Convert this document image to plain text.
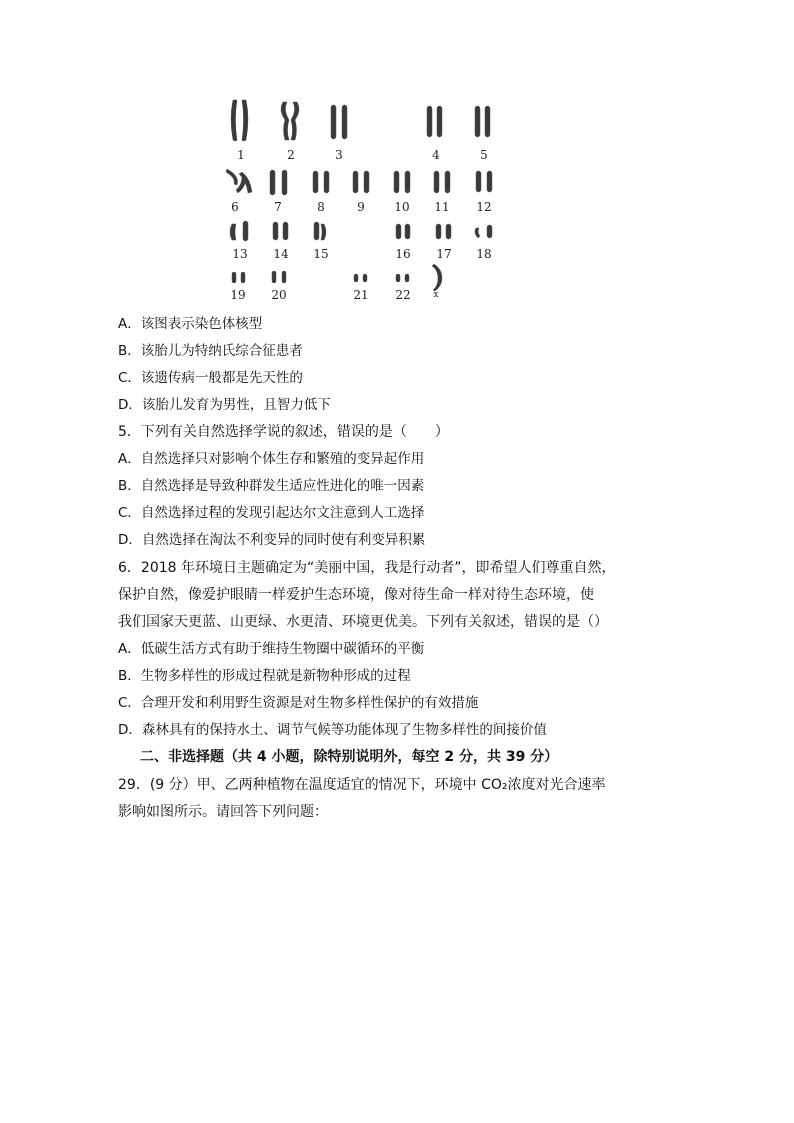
1	2	3	4	5
6	7	8	9	10	11	12
13	14	15	16	17	18
19	20	21	22	x
A．该图表示染色体核型
B．该胎儿为特纳氏综合征患者
C．该遗传病一般都是先天性的
D．该胎儿发育为男性，且智力低下
5．下列有关自然选择学说的叙述，错误的是（　　）
A．自然选择只对影响个体生存和繁殖的变异起作用
B．自然选择是导致种群发生适应性进化的唯一因素
C．自然选择过程的发现引起达尔文注意到人工选择
D．自然选择在淘汰不利变异的同时使有利变异积累
6．2018 年环境日主题确定为“美丽中国，我是行动者”，即希望人们尊重自然，
保护自然，像爱护眼睛一样爱护生态环境，像对待生命一样对待生态环境，使
我们国家天更蓝、山更绿、水更清、环境更优美。下列有关叙述，错误的是（）
A．低碳生活方式有助于维持生物圈中碳循环的平衡
B．生物多样性的形成过程就是新物种形成的过程
C．合理开发和利用野生资源是对生物多样性保护的有效措施
D．森林具有的保持水土、调节气候等功能体现了生物多样性的间接价值
二、非选择题（共 4 小题，除特别说明外，每空 2 分，共 39 分）
29．(9 分）甲、乙两种植物在温度适宜的情况下，环境中 CO₂浓度对光合速率
影响如图所示。请回答下列问题：
